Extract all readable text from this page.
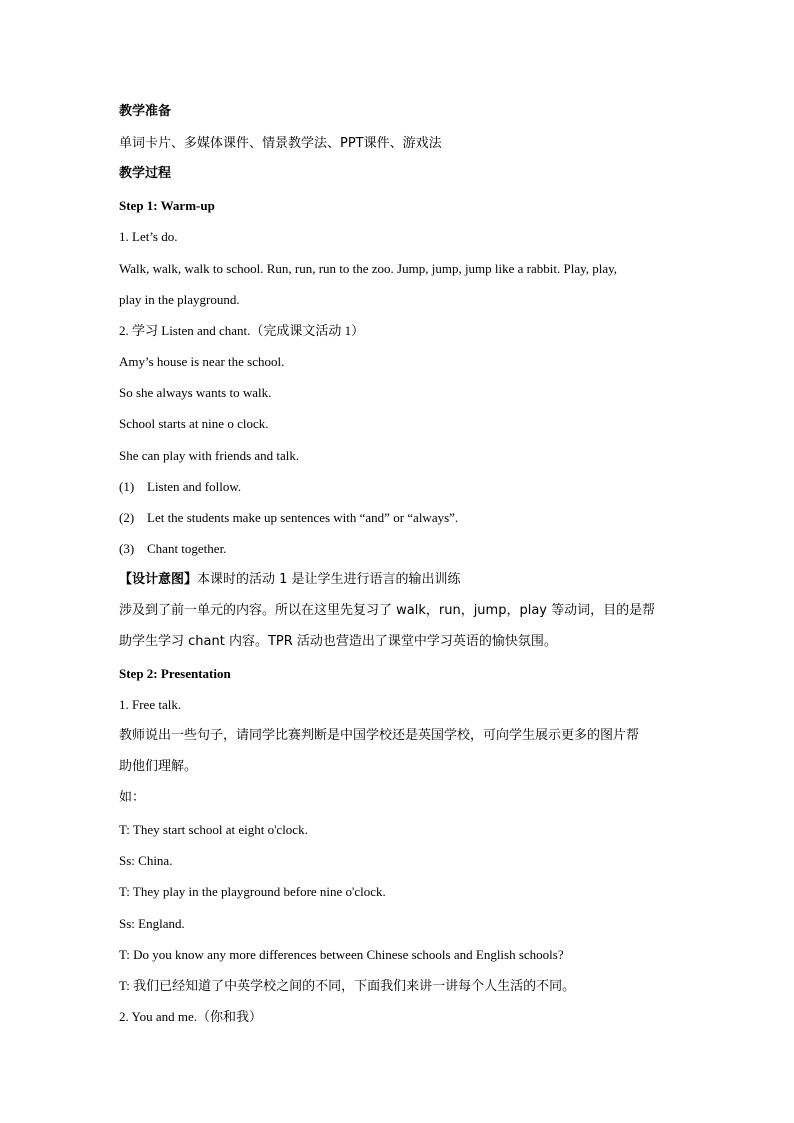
教学准备
单词卡片、多媒体课件、情景教学法、PPT课件、游戏法
教学过程
Step 1: Warm-up
1. Let’s do.
Walk, walk, walk to school. Run, run, run to the zoo. Jump, jump, jump like a rabbit. Play, play,
play in the playground.
2. 学习 Listen and chant.（完成课文活动 1）
Amy’s house is near the school.
So she always wants to walk.
School starts at nine o clock.
She can play with friends and talk.
(1) Listen and follow.
(2) Let the students make up sentences with “and” or “always”.
(3) Chant together.
【设计意图】本课时的活动 1 是让学生进行语言的输出训练
涉及到了前一单元的内容。所以在这里先复习了 walk，run，jump，play 等动词，目的是帮
助学生学习 chant 内容。TPR 活动也营造出了课堂中学习英语的愉快氛围。
Step 2: Presentation
1. Free talk.
教师说出一些句子，请同学比赛判断是中国学校还是英国学校，可向学生展示更多的图片帮
助他们理解。
如：
T: They start school at eight o'clock.
Ss: China.
T: They play in the playground before nine o'clock.
Ss: England.
T: Do you know any more differences between Chinese schools and English schools?
T: 我们已经知道了中英学校之间的不同，下面我们来讲一讲每个人生活的不同。
2. You and me.（你和我）
